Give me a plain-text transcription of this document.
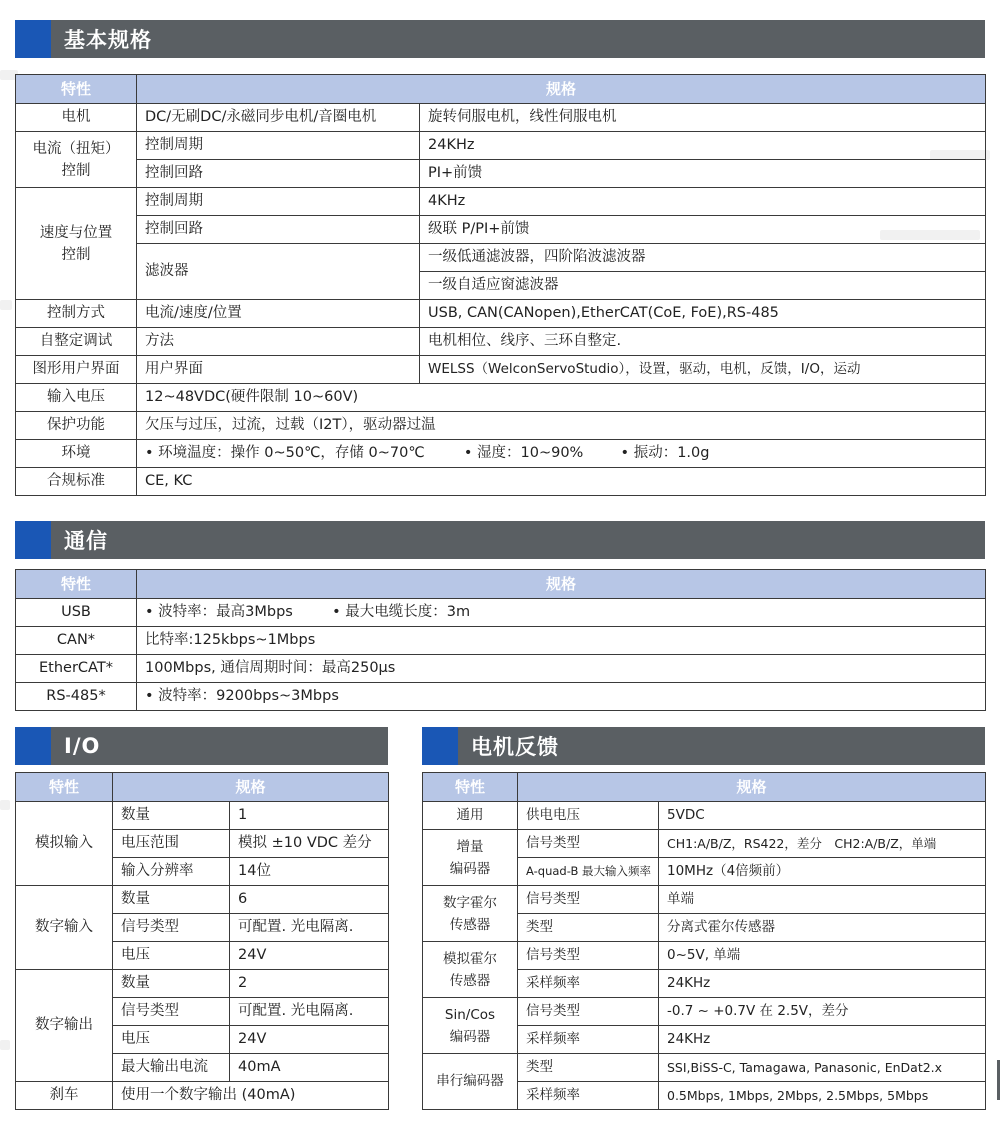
基本规格
特性	规格	
电机	DC/无刷DC/永磁同步电机/音圈电机	旋转伺服电机，线性伺服电机

电流（扭矩）
控制	控制周期	24KHz
	控制回路	PI+前馈

速度与位置
控制	控制周期	4KHz
	控制回路	级联 P/PI+前馈
	滤波器	一级低通滤波器，四阶陷波滤波器
		一级自适应窗滤波器
控制方式	电流/速度/位置	USB, CAN(CANopen),EtherCAT(CoE, FoE),RS-485
自整定调试	方法	电机相位、线序、三环自整定.
图形用户界面	用户界面	WELSS（WelconServoStudio），设置，驱动，电机，反馈，I/O，运动
输入电压	12~48VDC(硬件限制 10~60V)	
保护功能	欠压与过压，过流，过载（I2T），驱动器过温	
环境	• 环境温度：操作 0~50℃，存储 0~70℃ • 湿度：10~90% • 振动：1.0g	
合规标准	CE, KC	
通信
特性	规格
USB	• 波特率：最高3Mbps • 最大电缆长度：3m
CAN*	比特率:125kbps~1Mbps
EtherCAT*	100Mbps, 通信周期时间：最高250μs
RS-485*	• 波特率：9200bps~3Mbps
I/O
特性	规格	
模拟输入	数量	1
	电压范围	模拟 ±10 VDC 差分
	输入分辨率	14位
数字输入	数量	6
	信号类型	可配置. 光电隔离.
	电压	24V
数字输出	数量	2
	信号类型	可配置. 光电隔离.
	电压	24V
	最大输出电流	40mA
刹车	使用一个数字输出 (40mA)	
电机反馈
特性	规格	
通用	供电电压	5VDC

增量
编码器	信号类型	CH1:A/B/Z，RS422，差分　CH2:A/B/Z，单端
	A-quad-B 最大输入频率	10MHz（4倍频前）

数字霍尔
传感器	信号类型	单端
	类型	分离式霍尔传感器

模拟霍尔
传感器	信号类型	0~5V, 单端
	采样频率	24KHz

Sin/Cos
编码器	信号类型	-0.7 ~ +0.7V 在 2.5V，差分
	采样频率	24KHz
串行编码器	类型	SSI,BiSS-C, Tamagawa, Panasonic, EnDat2.x
	采样频率	0.5Mbps, 1Mbps, 2Mbps, 2.5Mbps, 5Mbps
